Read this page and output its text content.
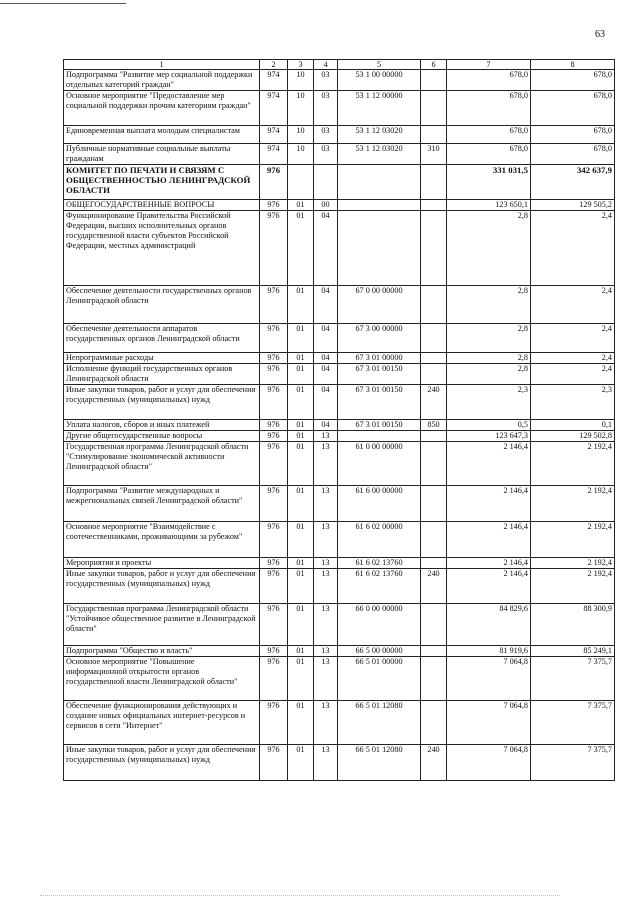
63
1	2	3	4	5	6	7	8
Подпрограмма "Развитие мер социальной поддержки отдельных категорий граждан"	974	10	03	53 1 00 00000		678,0	678,0
Основное мероприятие "Предоставление мер социальной поддержки прочим категориям граждан"	974	10	03	53 1 12 00000		678,0	678,0
Единовременная выплата молодым специалистам	974	10	03	53 1 12 03020		678,0	678,0
Публичные нормативные социальные выплаты гражданам	974	10	03	53 1 12 03020	310	678,0	678,0
КОМИТЕТ ПО ПЕЧАТИ И СВЯЗЯМ С ОБЩЕСТВЕННОСТЬЮ ЛЕНИНГРАДСКОЙ ОБЛАСТИ	976					331 031,5	342 637,9
ОБЩЕГОСУДАРСТВЕННЫЕ ВОПРОСЫ	976	01	00			123 650,1	129 505,2
Функционирование Правительства Российской Федерации, высших исполнительных органов государственной власти субъектов Российской Федерации, местных администраций	976	01	04			2,8	2,4
Обеспечение деятельности государственных органов Ленинградской области	976	01	04	67 0 00 00000		2,8	2,4
Обеспечение деятельности аппаратов государственных органов Ленинградской области	976	01	04	67 3 00 00000		2,8	2,4
Непрограммные расходы	976	01	04	67 3 01 00000		2,8	2,4
Исполнение функций государственных органов Ленинградской области	976	01	04	67 3 01 00150		2,8	2,4
Иные закупки товаров, работ и услуг для обеспечения государственных (муниципальных) нужд	976	01	04	67 3 01 00150	240	2,3	2,3
Уплата налогов, сборов и иных платежей	976	01	04	67 3 01 00150	850	0,5	0,1
Другие общегосударственные вопросы	976	01	13			123 647,3	129 502,8
Государственная программа Ленинградской области "Стимулирование экономической активности Ленинградской области"	976	01	13	61 0 00 00000		2 146,4	2 192,4
Подпрограмма "Развитие международных и межрегиональных связей Ленинградской области"	976	01	13	61 6 00 00000		2 146,4	2 192,4
Основное мероприятие "Взаимодействие с соотечественниками, проживающими за рубежом"	976	01	13	61 6 02 00000		2 146,4	2 192,4
Мероприятия и проекты	976	01	13	61 6 02 13760		2 146,4	2 192,4
Иные закупки товаров, работ и услуг для обеспечения государственных (муниципальных) нужд	976	01	13	61 6 02 13760	240	2 146,4	2 192,4
Государственная программа Ленинградской области "Устойчивое общественное развитие в Ленинградской области"	976	01	13	66 0 00 00000		84 829,6	88 300,9
Подпрограмма "Общество и власть"	976	01	13	66 5 00 00000		81 919,6	85 249,1
Основное мероприятие "Повышение информационной открытости органов государственной власти Ленинградской области"	976	01	13	66 5 01 00000		7 064,8	7 375,7
Обеспечение функционирования действующих и создание новых официальных интернет-ресурсов и сервисов в сети "Интернет"	976	01	13	66 5 01 12080		7 064,8	7 375,7
Иные закупки товаров, работ и услуг для обеспечения государственных (муниципальных) нужд	976	01	13	66 5 01 12080	240	7 064,8	7 375,7
